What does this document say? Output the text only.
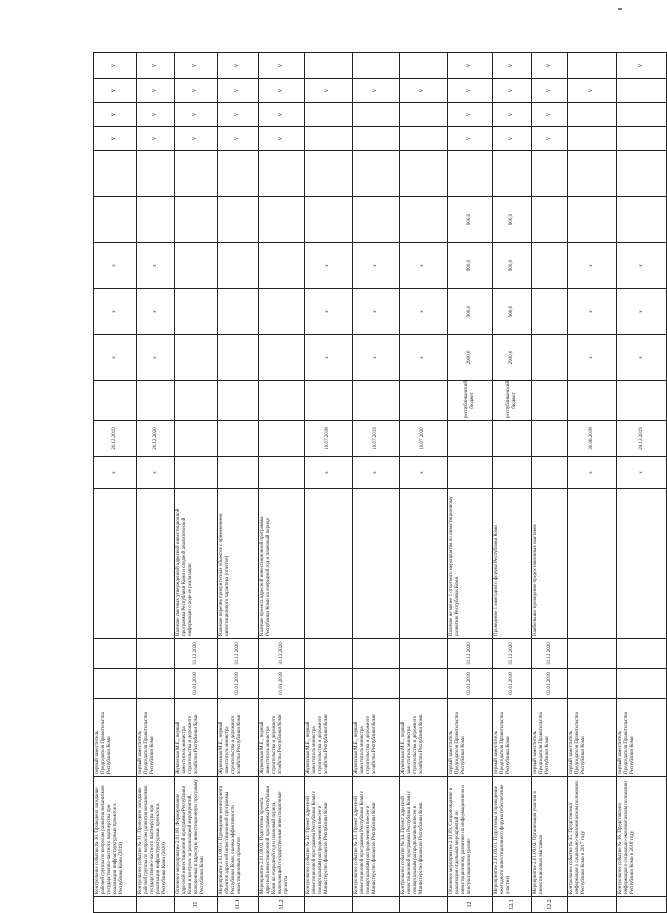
	Контрольное событие № 30. Проведено заседание рабочей группы по вопросам развития механизмов государственно-частного партнерства при реализации инфраструктурных проектов в Республике Коми (2019)	первый заместитель Председателя Правительства Республики Коми				x	20.12.2019		x	x	x			V	V	V	V
	Контрольное событие № 31. Проведено заседание рабочей группы по вопросам развития механизмов государственно-частного партнерства при реализации инфраструктурных проектов в Республике Коми (2020)	первый заместитель Председателя Правительства Республики Коми				x	20.12.2020		x	x	x			V	V	V	V
11	Основное мероприятие 2.01.08. Формирование адресной инвестиционной программы Республики Коми и контроль за реализацией мероприятий, включенных в адресную инвестиционную программу Республики Коми	Жуковская М.Е., первый заместитель министра строительства и дорожного хозяйства Республики Коми	01.01.2018	31.12.2020	Наличие сметных утвержденной адресной инвестиционной программы Республики Коми и сводной аналитической информации о ходе ее реализации									V	V	V	V
11.1	Мероприятие 2.01.08.01. Проведение мониторинга объектов адресной инвестиционной программы Республики Коми, оценка эффективности инвестиционных проектов	Жуковская М.Е., первый заместитель министра строительства и дорожного хозяйства Республики Коми	01.01.2018	31.12.2020	Наличие перечня приоритетных объектов с применением инвестиционного характера (отчетов)									V	V	V	V
11.2	Мероприятие 2.01.08.02. Подготовка проекта адресной инвестиционной программы Республики Коми на очередной год и плановый период, включающей государственные инвестиционные проекты	Жуковская М.Е., первый заместитель министра строительства и дорожного хозяйства Республики Коми	01.01.2018	31.12.2020	Наличие проекта адресной инвестиционной программы Республики Коми на очередной год и плановый период									V	V	V	V
	Контрольное событие № 32. Проект адресной инвестиционной программы Республики Коми с поквартальным распределением внесен в Министерство финансов Республики Коми	Жуковская М.Е., первый заместитель министра строительства и дорожного хозяйства Республики Коми				x	10.07.2018		x	x	x					V	
	Контрольное событие № 33. Проект адресной инвестиционной программы Республики Коми с поквартальным распределением внесен в Министерство финансов Республики Коми	Жуковская М.Е., первый заместитель министра строительства и дорожного хозяйства Республики Коми				x	10.07.2019		x	x	x					V	
	Контрольное событие № 34. Проект адресной инвестиционной программы Республики Коми с поквартальным распределением внесен в Министерство финансов Республики Коми	Жуковская М.Е., первый заместитель министра строительства и дорожного хозяйства Республики Коми				x	10.07.2020		x	x	x					V	
12	Основное мероприятие 2.01.09. Сопровождение и реализация отдельных мероприятий по инвестиционному развитию на информационном и консультационном уровне	первый заместитель Председателя Правительства Республики Коми	01.01.2018	31.12.2020	Наличие не менее 1 отчетного мероприятия по инвестиционному развитию Республики Коми			республиканский бюджет	2900,0	900,0	900,0	900,0		V	V	V	V
12.1	Мероприятие 2.01.09.01. Подготовка и проведение ежегодного инвестиционного форума (обеспечение участия)	первый заместитель Председателя Правительства Республики Коми	01.01.2018	31.12.2020	Проведение 1 ежегодного форума Республики Коми			республиканский бюджет	2900,0	900,0	900,0	900,0		V	V	V	V
12.2	Мероприятие 2.01.09.02. Организация участия в инвестиционных выставках	первый заместитель Председателя Правительства Республики Коми	01.01.2018	31.12.2020	Наибольшее проведение предоставленных выставок									V	V	V	V
	Контрольное событие № 35. Представлена информация о социально-экономическом положении Республики Коми в 2017 году	первый заместитель Председателя Правительства Республики Коми				x	30.06.2018		x	x	x					V	
	Контрольное событие № 36. Представлена информация о социально-экономическом положении Республики Коми в 2018 году	первый заместитель Председателя Правительства Республики Коми				x	20.12.2019		x	x	x						V
